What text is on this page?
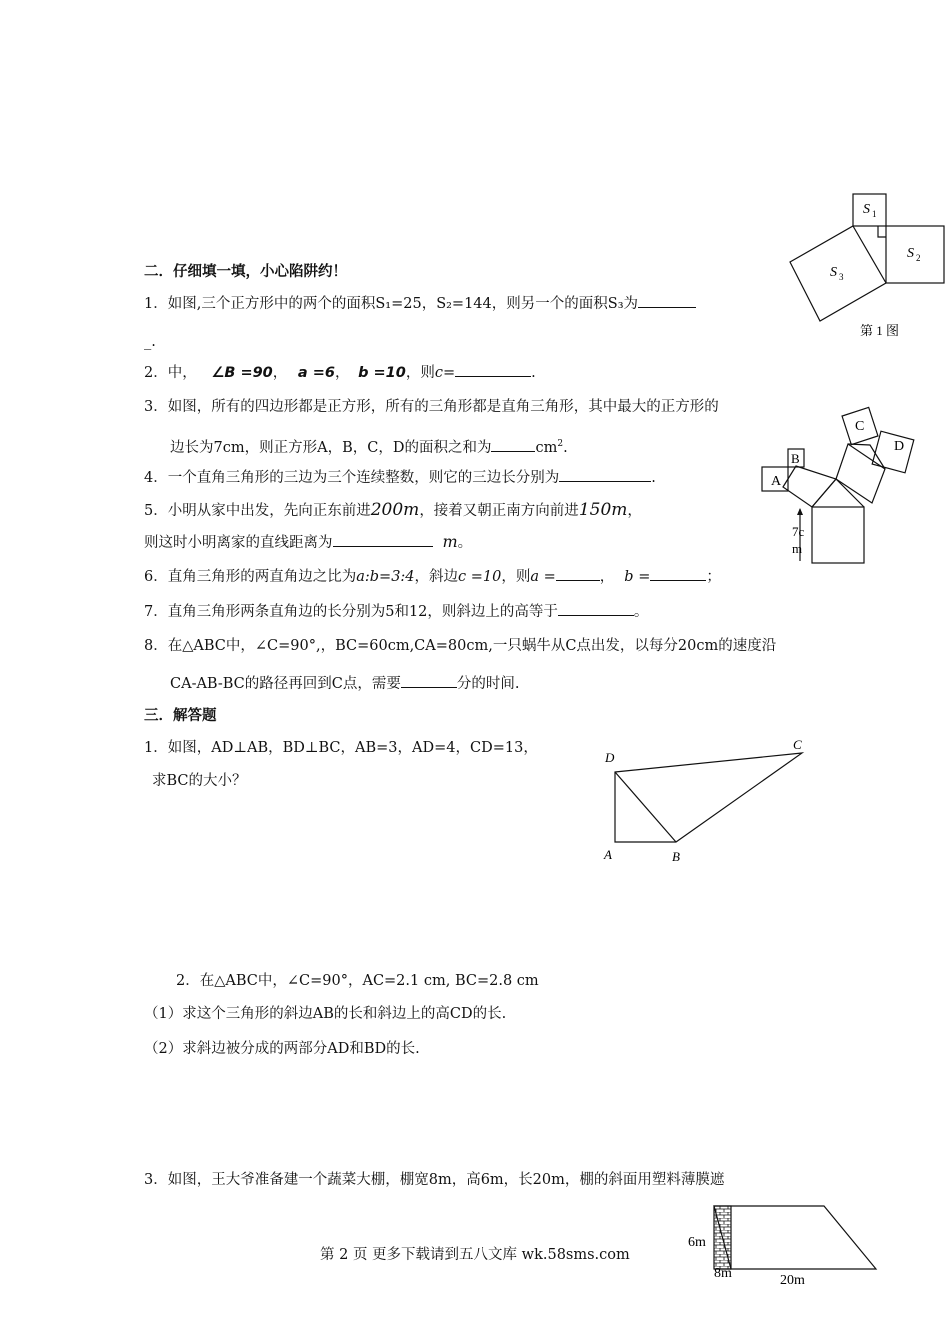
二．仔细填一填，小心陷阱约！
1．如图,三个正方形中的两个的面积S₁=25，S₂=144，则另一个的面积S₃为
_.
2．中， ∠B =90， a =6， b =10，则c=	.
3．如图，所有的四边形都是正方形，所有的三角形都是直角三角形，其中最大的正方形的
边长为7cm，则正方形A，B，C，D的面积之和为	$cm^2$.
4．一个直角三角形的三边为三个连续整数，则它的三边长分别为	.
5．小明从家中出发，先向正东前进200m，接着又朝正南方向前进150m，
则这时小明离家的直线距离为	m。
6．直角三角形的两直角边之比为a:b=3:4，斜边c =10，则a =	， b =	；
7．直角三角形两条直角边的长分别为5和12，则斜边上的高等于	。
8．在△ABC中，∠C=90°,，BC=60cm,CA=80cm,一只蜗牛从C点出发，以每分20cm的速度沿
CA-AB-BC的路径再回到C点，需要	分的时间.
三．解答题
1．如图，AD⊥AB，BD⊥BC，AB=3，AD=4，CD=13，
求BC的大小？
2．在△ABC中，∠C=90°，AC=2.1 cm, BC=2.8 cm
（1）求这个三角形的斜边AB的长和斜边上的高CD的长.
（2）求斜边被分成的两部分AD和BD的长.
3．如图，王大爷准备建一个蔬菜大棚，棚宽8m，高6m，长20m，棚的斜面用塑料薄膜遮
S 1
S 2
S 3
第 1 图
A
B
C
D
7c
m
D
C
A	B
6m
8m	20m
第 2 页 更多下载请到五八文库 wk.58sms.com
